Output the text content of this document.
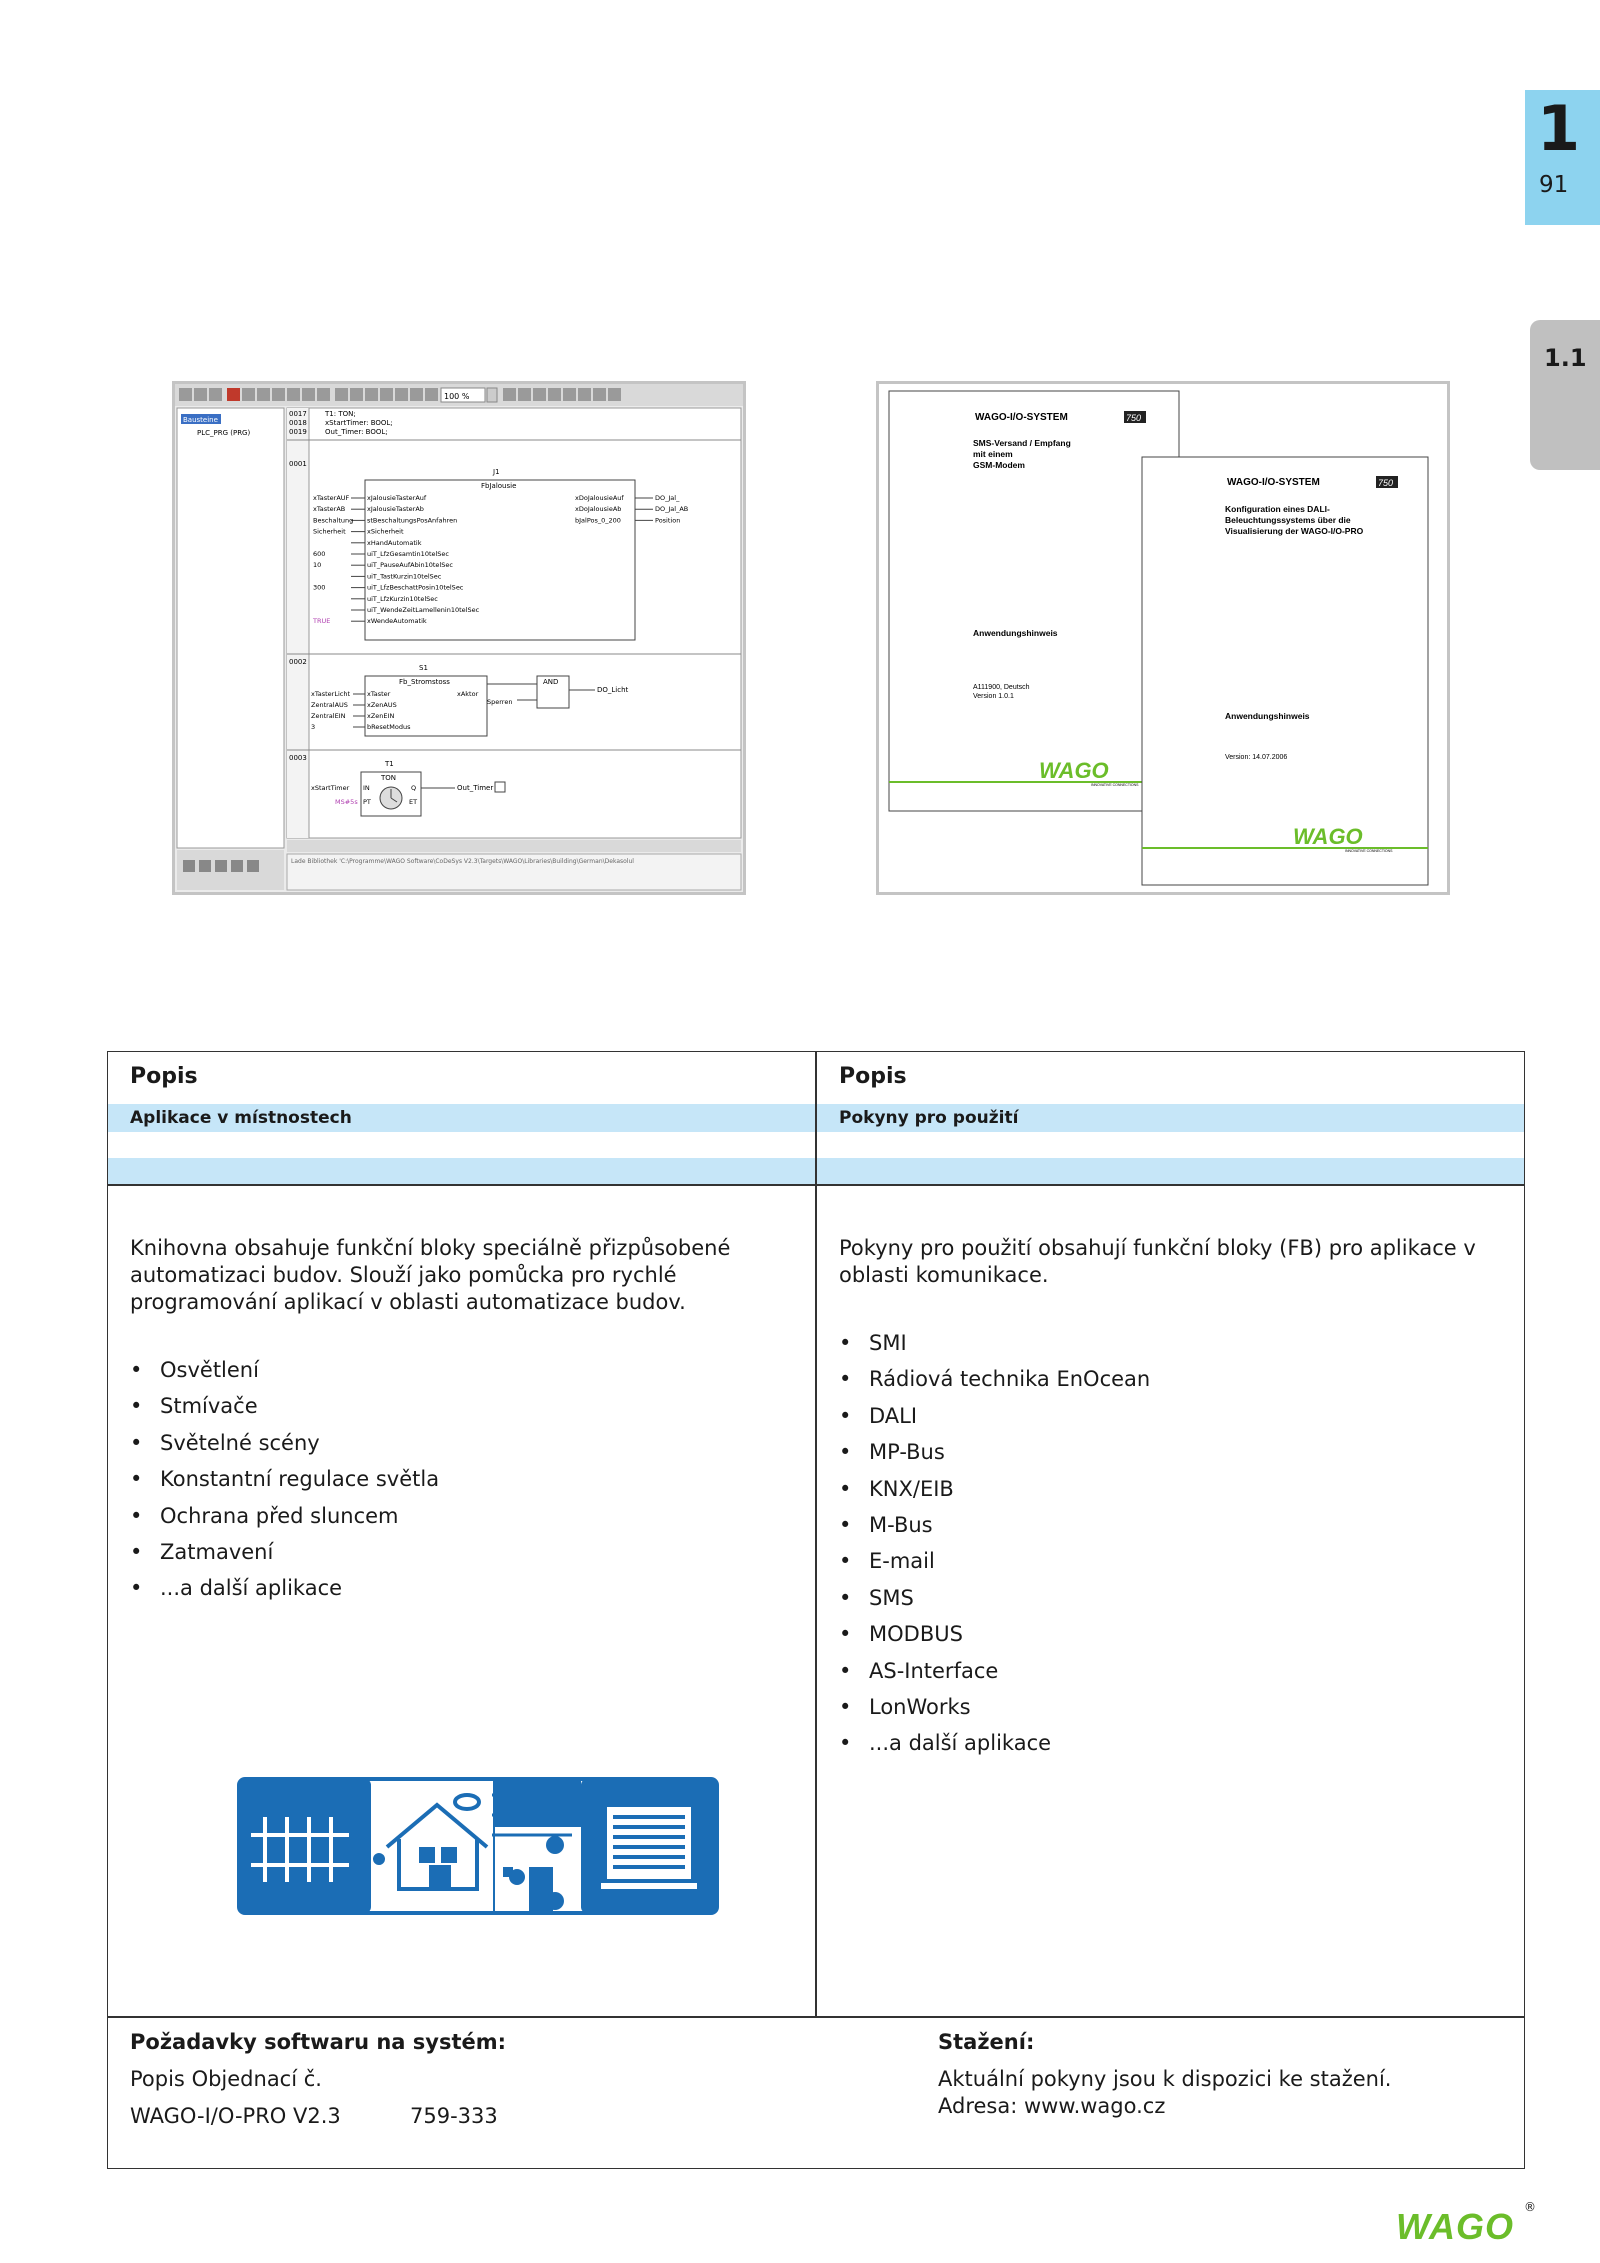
1
91
1.1
100 %
Bausteine
PLC_PRG (PRG)
0017
0018
0019
T1: TON;
xStartTimer: BOOL;
Out_Timer: BOOL;
0001
J1
FbJalousie
xJalousieTasterAuf
xTasterAUF
xJalousieTasterAb
xTasterAB
stBeschaltungsPosAnfahren
Beschaltung
xSicherheit
Sicherheit
xHandAutomatik
uiT_LfzGesamtin10telSec
600
uiT_PauseAufAbin10telSec
10
uiT_TastKurzin10telSec
uiT_LfzBeschattPosin10telSec
300
uiT_LfzKurzin10telSec
uiT_WendeZeitLamellenin10telSec
xWendeAutomatik
TRUE
xDoJalousieAuf	DO_Jal_
xDoJalousieAb	DO_Jal_AB
bJalPos_0_200	Position
0002
S1
Fb_Stromstoss
xTaster
xTasterLicht
xZenAUS
ZentralAUS
xZenEIN
ZentralEIN
bResetModus
3
xAktor
AND
Sperren
DO_Licht
0003
T1
TON
xStartTimer
MS#5s
IN
PT
Q
ET
Out_Timer
Lade Bibliothek 'C:\Programme\WAGO Software\CoDeSys V2.3\Targets\WAGO\Libraries\Building\German\Dekasolul
WAGO-I/O-SYSTEM	750
SMS-Versand / Empfang
mit einem
GSM-Modem
Anwendungshinweis
A111900, Deutsch
Version 1.0.1
WAGO
INNOVATIVE CONNECTIONS
WAGO-I/O-SYSTEM	750
Konfiguration eines DALI-
Beleuchtungssystems über die
Visualisierung der WAGO-I/O-PRO
Anwendungshinweis
Version: 14.07.2006
WAGO
INNOVATIVE CONNECTIONS
Popis
Aplikace v místnostech
Knihovna obsahuje funkční bloky speciálně přizpůsobené automatizaci budov. Slouží jako pomůcka pro rychlé programování aplikací v oblasti automatizace budov.
• Osvětlení
• Stmívače
• Světelné scény
• Konstantní regulace světla
• Ochrana před sluncem
• Zatmavení
• ...a další aplikace
Popis
Pokyny pro použití
Pokyny pro použití obsahují funkční bloky (FB) pro aplikace v oblasti komunikace.
• SMI
• Rádiová technika EnOcean
• DALI
• MP-Bus
• KNX/EIB
• M-Bus
• E-mail
• SMS
• MODBUS
• AS-Interface
• LonWorks
• ...a další aplikace
Požadavky softwaru na systém:
Popis Objednací č.
WAGO-I/O-PRO V2.3	759-333
Stažení:
Aktuální pokyny jsou k dispozici ke stažení.
Adresa: www.wago.cz
WAGO ®
